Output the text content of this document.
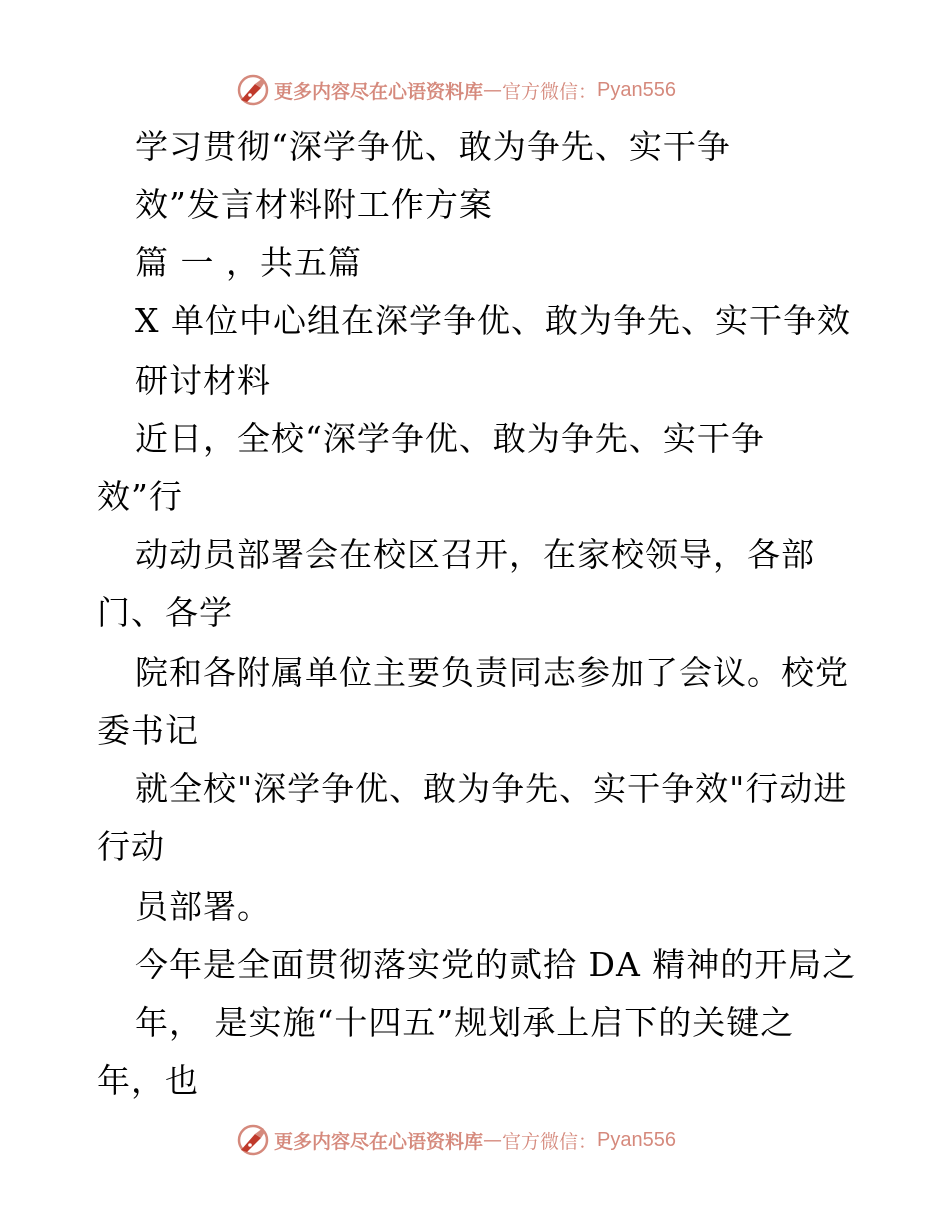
更多内容尽在心语资料库 — 官方微信： Pyan556
学习贯彻“深学争优、敢为争先、实干争
效”发言材料附工作方案
篇 一 ，共五篇
X 单位中心组在深学争优、敢为争先、实干争效
研讨材料
近日，全校“深学争优、敢为争先、实干争
效”行
动动员部署会在校区召开，在家校领导，各部
门、各学
院和各附属单位主要负责同志参加了会议。校党
委书记
就全校"深学争优、敢为争先、实干争效"行动进
行动
员部署。
今年是全面贯彻落实党的贰拾 DA 精神的开局之
年， 是实施“十四五”规划承上启下的关键之
年，也
更多内容尽在心语资料库 — 官方微信： Pyan556
